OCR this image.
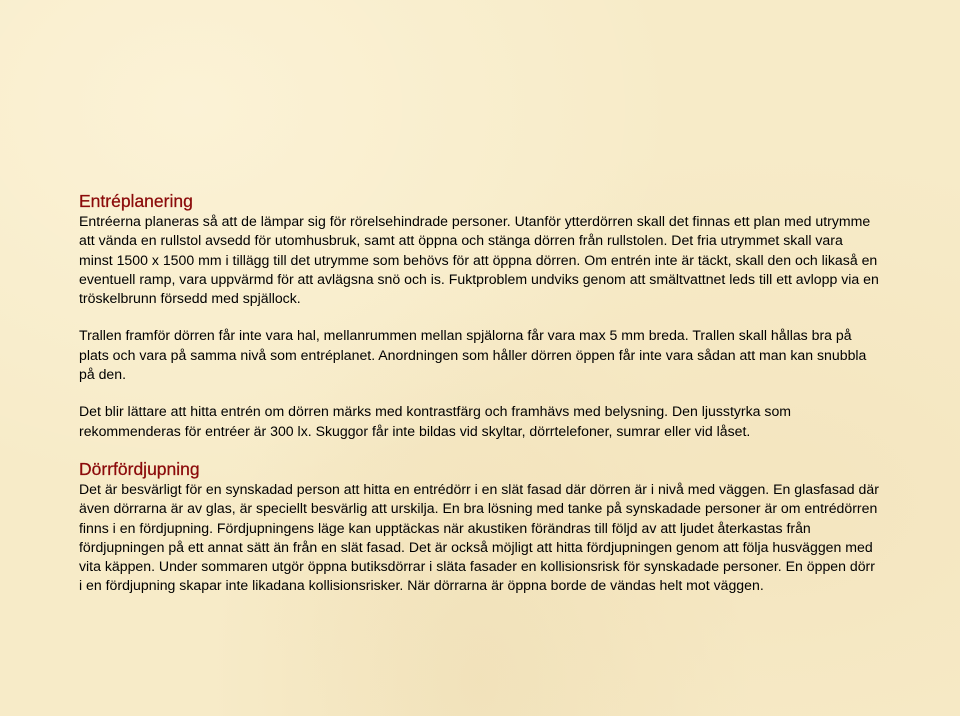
Entréplanering

Entréerna planeras så att de lämpar sig för rörelsehindrade personer. Utanför ytterdörren skall det finnas ett plan med utrymme att vända en rullstol avsedd för utomhusbruk, samt att öppna och stänga dörren från rullstolen. Det fria utrymmet skall vara minst 1500 x 1500 mm i tillägg till det utrymme som behövs för att öppna dörren. Om entrén inte är täckt, skall den och likaså en eventuell ramp, vara uppvärmd för att avlägsna snö och is. Fuktproblem undviks genom att smältvattnet leds till ett avlopp via en tröskelbrunn försedd med spjällock.

Trallen framför dörren får inte vara hal, mellanrummen mellan spjälorna får vara max 5 mm breda. Trallen skall hållas bra på plats och vara på samma nivå som entréplanet. Anordningen som håller dörren öppen får inte vara sådan att man kan snubbla på den.

Det blir lättare att hitta entrén om dörren märks med kontrastfärg och framhävs med belysning. Den ljusstyrka som rekommenderas för entréer är 300 lx. Skuggor får inte bildas vid skyltar, dörrtelefoner, sumrar eller vid låset.

Dörrfördjupning

Det är besvärligt för en synskadad person att hitta en entrédörr i en slät fasad där dörren är i nivå med väggen. En glasfasad där även dörrarna är av glas, är speciellt besvärlig att urskilja. En bra lösning med tanke på synskadade personer är om entrédörren finns i en fördjupning. Fördjupningens läge kan upptäckas när akustiken förändras till följd av att ljudet återkastas från fördjupningen på ett annat sätt än från en slät fasad. Det är också möjligt att hitta fördjupningen genom att följa husväggen med vita käppen. Under sommaren utgör öppna butiksdörrar i släta fasader en kollisionsrisk för synskadade personer. En öppen dörr i en fördjupning skapar inte likadana kollisionsrisker. När dörrarna är öppna borde de vändas helt mot väggen.
